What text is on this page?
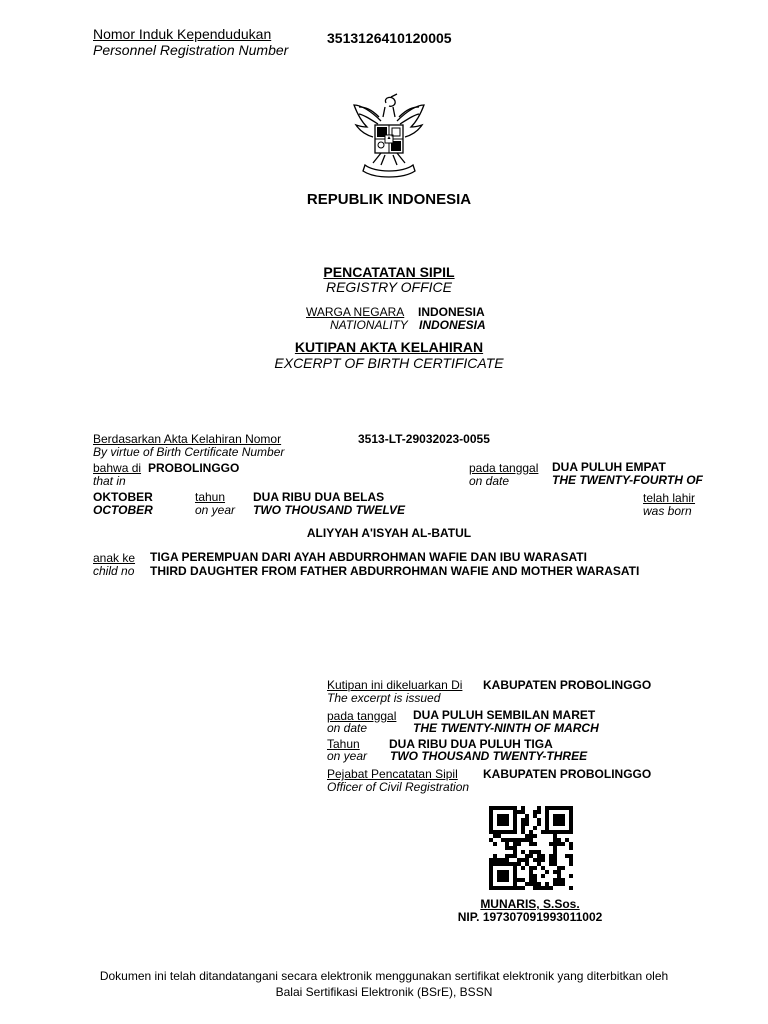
Nomor Induk Kependudukan
Personnel Registration Number
3513126410120005
REPUBLIK INDONESIA
PENCATATAN SIPIL
REGISTRY OFFICE
WARGA NEGARA INDONESIA
NATIONALITY INDONESIA
KUTIPAN AKTA KELAHIRAN
EXCERPT OF BIRTH CERTIFICATE
Berdasarkan Akta Kelahiran Nomor
By virtue of Birth Certificate Number
3513-LT-29032023-0055
bahwa di
that in
PROBOLINGGO	pada tanggal
on date
DUA PULUH EMPAT
THE TWENTY-FOURTH OF
OKTOBER
OCTOBER
tahun
on year
DUA RIBU DUA BELAS
TWO THOUSAND TWELVE
telah lahir
was born
ALIYYAH A'ISYAH AL-BATUL
anak ke
child no
TIGA PEREMPUAN DARI AYAH ABDURROHMAN WAFIE DAN IBU WARASATI
THIRD DAUGHTER FROM FATHER ABDURROHMAN WAFIE AND MOTHER WARASATI
Kutipan ini dikeluarkan Di
The excerpt is issued
KABUPATEN PROBOLINGGO
pada tanggal
on date
DUA PULUH SEMBILAN MARET
THE TWENTY-NINTH OF MARCH
Tahun
on year
DUA RIBU DUA PULUH TIGA
TWO THOUSAND TWENTY-THREE
Pejabat Pencatatan Sipil
Officer of Civil Registration
KABUPATEN PROBOLINGGO
MUNARIS, S.Sos.
NIP. 197307091993011002
Dokumen ini telah ditandatangani secara elektronik menggunakan sertifikat elektronik yang diterbitkan oleh
Balai Sertifikasi Elektronik (BSrE), BSSN
